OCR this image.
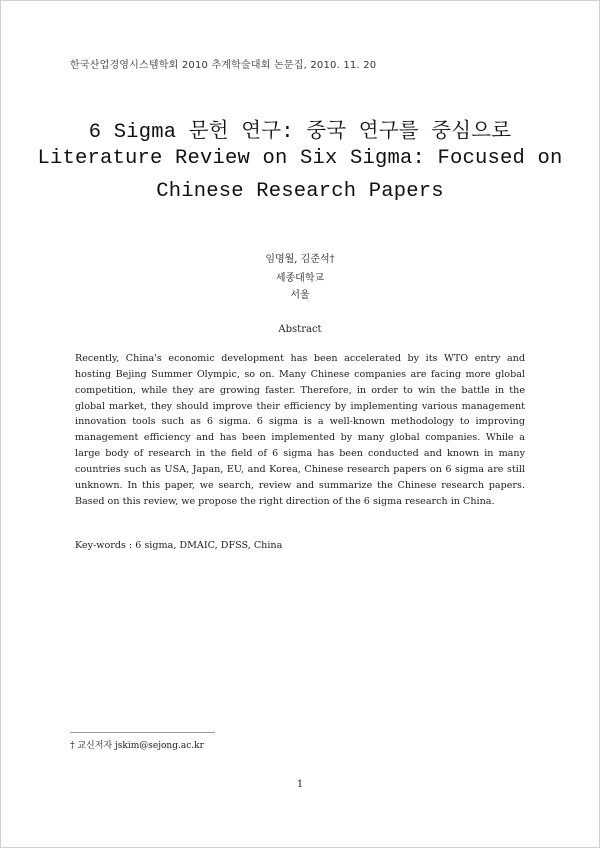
한국산업경영시스템학회 2010 추계학술대회 논문집, 2010. 11. 20
6 Sigma 문헌 연구: 중국 연구를 중심으로
Literature Review on Six Sigma: Focused on
Chinese Research Papers
임명월, 김준석†
세종대학교
서울
Abstract
Recently, China's economic development has been accelerated by its WTO entry and hosting Bejing Summer Olympic, so on. Many Chinese companies are facing more global competition, while they are growing faster. Therefore, in order to win the battle in the global market, they should improve their efficiency by implementing various management innovation tools such as 6 sigma. 6 sigma is a well-known methodology to improving management efficiency and has been implemented by many global companies. While a large body of research in the field of 6 sigma has been conducted and known in many countries such as USA, Japan, EU, and Korea, Chinese research papers on 6 sigma are still unknown. In this paper, we search, review and summarize the Chinese research papers. Based on this review, we propose the right direction of the 6 sigma research in China.
Key-words : 6 sigma, DMAIC, DFSS, China
† 교신저자 jskim@sejong.ac.kr
1
